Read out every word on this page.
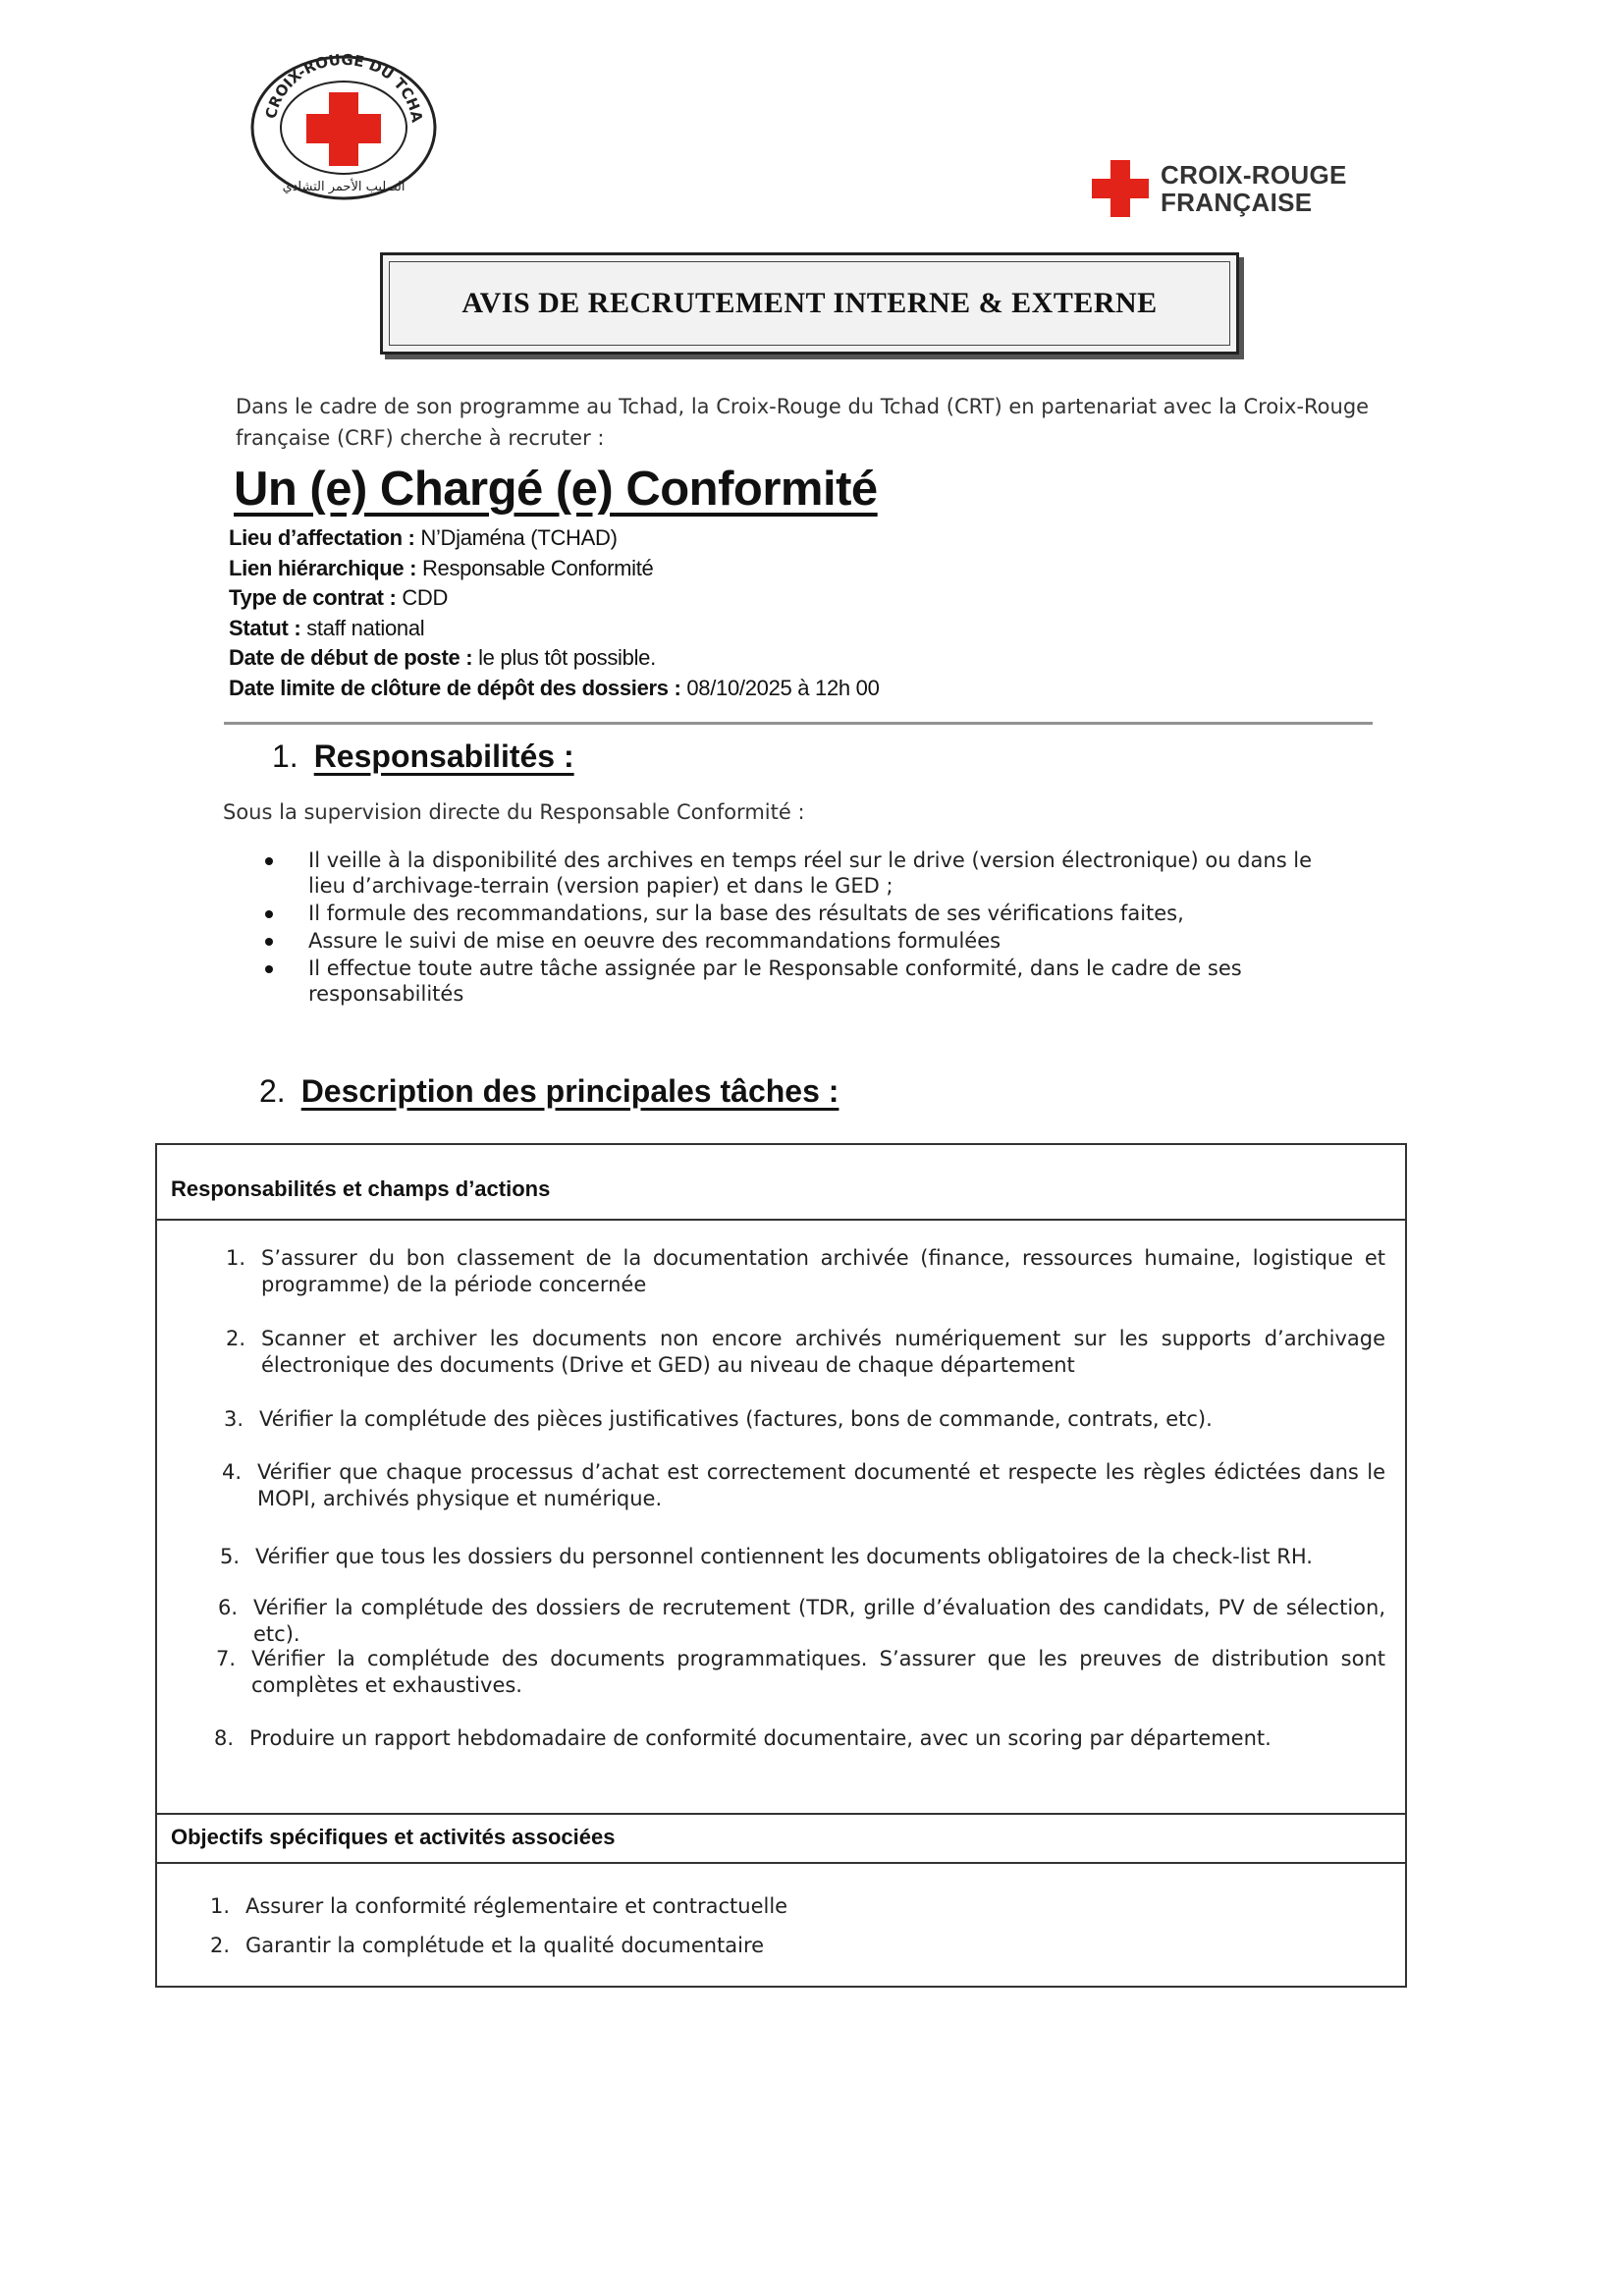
CROIX-ROUGE DU TCHA
الصليب الأحمر التشادي	CROIX-ROUGE
FRANÇAISE
AVIS DE RECRUTEMENT INTERNE & EXTERNE
Dans le cadre de son programme au Tchad, la Croix-Rouge du Tchad (CRT) en partenariat avec la Croix-Rouge française (CRF) cherche à recruter :
Un (e) Chargé (e) Conformité
Lieu d’affectation : N’Djaména (TCHAD)
Lien hiérarchique : Responsable Conformité
Type de contrat : CDD
Statut : staff national
Date de début de poste : le plus tôt possible.
Date limite de clôture de dépôt des dossiers : 08/10/2025 à 12h 00
1. Responsabilités :
Sous la supervision directe du Responsable Conformité :
Il veille à la disponibilité des archives en temps réel sur le drive (version électronique) ou dans le lieu d’archivage-terrain (version papier) et dans le GED ;
Il formule des recommandations, sur la base des résultats de ses vérifications faites,
Assure le suivi de mise en oeuvre des recommandations formulées
Il effectue toute autre tâche assignée par le Responsable conformité, dans le cadre de ses responsabilités
2. Description des principales tâches :
Responsabilités et champs d’actions
1. S’assurer du bon classement de la documentation archivée (finance, ressources humaine, logistique et programme) de la période concernée
2. Scanner et archiver les documents non encore archivés numériquement sur les supports d’archivage électronique des documents (Drive et GED) au niveau de chaque département
3. Vérifier la complétude des pièces justificatives (factures, bons de commande, contrats, etc).
4. Vérifier que chaque processus d’achat est correctement documenté et respecte les règles édictées dans le MOPI, archivés physique et numérique.
5. Vérifier que tous les dossiers du personnel contiennent les documents obligatoires de la check-list RH.
6. Vérifier la complétude des dossiers de recrutement (TDR, grille d’évaluation des candidats, PV de sélection, etc).
7. Vérifier la complétude des documents programmatiques. S’assurer que les preuves de distribution sont complètes et exhaustives.
8. Produire un rapport hebdomadaire de conformité documentaire, avec un scoring par département.
Objectifs spécifiques et activités associées
1. Assurer la conformité réglementaire et contractuelle
2. Garantir la complétude et la qualité documentaire
